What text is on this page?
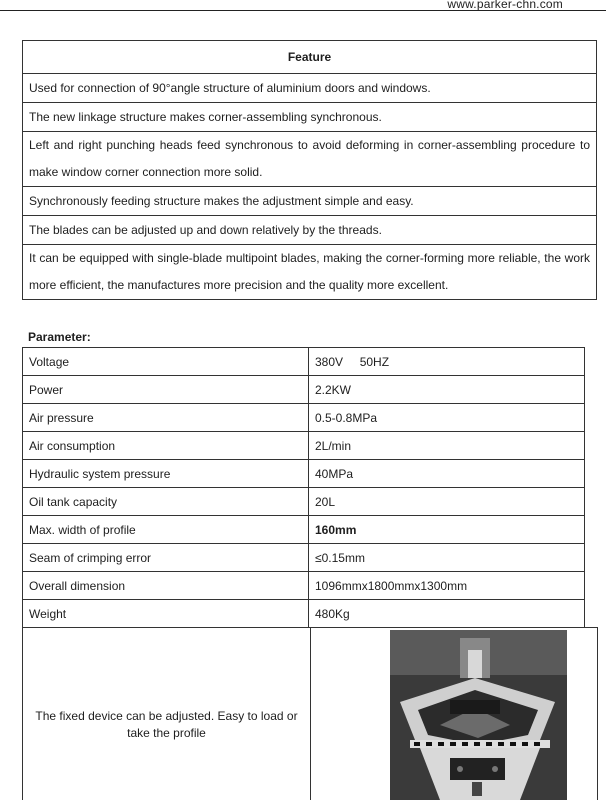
www.parker-chn.com
Feature
Used for connection of 90°angle structure of aluminium doors and windows.
The new linkage structure makes corner-assembling synchronous.
Left and right punching heads feed synchronous to avoid deforming in corner-assembling procedure to make window corner connection more solid.
Synchronously feeding structure makes the adjustment simple and easy.
The blades can be adjusted up and down relatively by the threads.
It can be equipped with single-blade multipoint blades, making the corner-forming more reliable, the work more efficient, the manufactures more precision and the quality more excellent.
Parameter:
Voltage	380V     50HZ
Power	2.2KW
Air pressure	0.5-0.8MPa
Air consumption	2L/min
Hydraulic system pressure	40MPa
Oil tank capacity	20L
Max. width of profile	160mm
Seam of crimping error	≤0.15mm
Overall dimension	1096mmx1800mmx1300mm
Weight	480Kg
The fixed device can be adjusted. Easy to load or take the profile
